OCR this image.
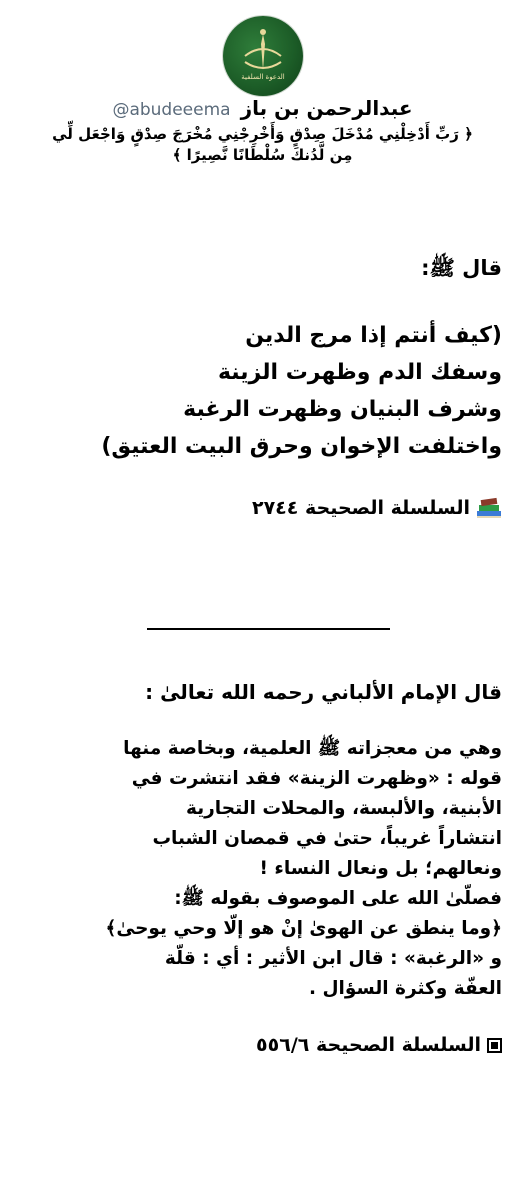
الدعوة السلفية
@abudeeema عبدالرحمن بن باز
﴿ رَبِّ أَدْخِلْنِي مُدْخَلَ صِدْقٍ وَأَخْرِجْنِي مُخْرَجَ صِدْقٍ وَاجْعَل لِّي
مِن لَّدُنكَ سُلْطَانًا نَّصِيرًا ﴾
قال ﷺ:
(كيف أنتم إذا مرج الدين
وسفك الدم وظهرت الزينة
وشرف البنيان وظهرت الرغبة
واختلفت الإخوان وحرق البيت العتيق)
السلسلة الصحيحة ٢٧٤٤
قال الإمام الألباني رحمه الله تعالىٰ :
وهي من معجزاته ﷺ العلمية، وبخاصة منها
قوله : «وظهرت الزينة» فقد انتشرت في
الأبنية، والألبسة، والمحلات التجارية
انتشاراً غريباً، حتىٰ في قمصان الشباب
ونعالهم؛ بل ونعال النساء !
فصلّىٰ الله على الموصوف بقوله ﷺ:
﴿وما ينطق عن الهوىٰ إنْ هو إلّا وحي يوحىٰ﴾
و «الرغبة» : قال ابن الأثير : أي : قلّة
العفّة وكثرة السؤال .
السلسلة الصحيحة ٥٥٦/٦
